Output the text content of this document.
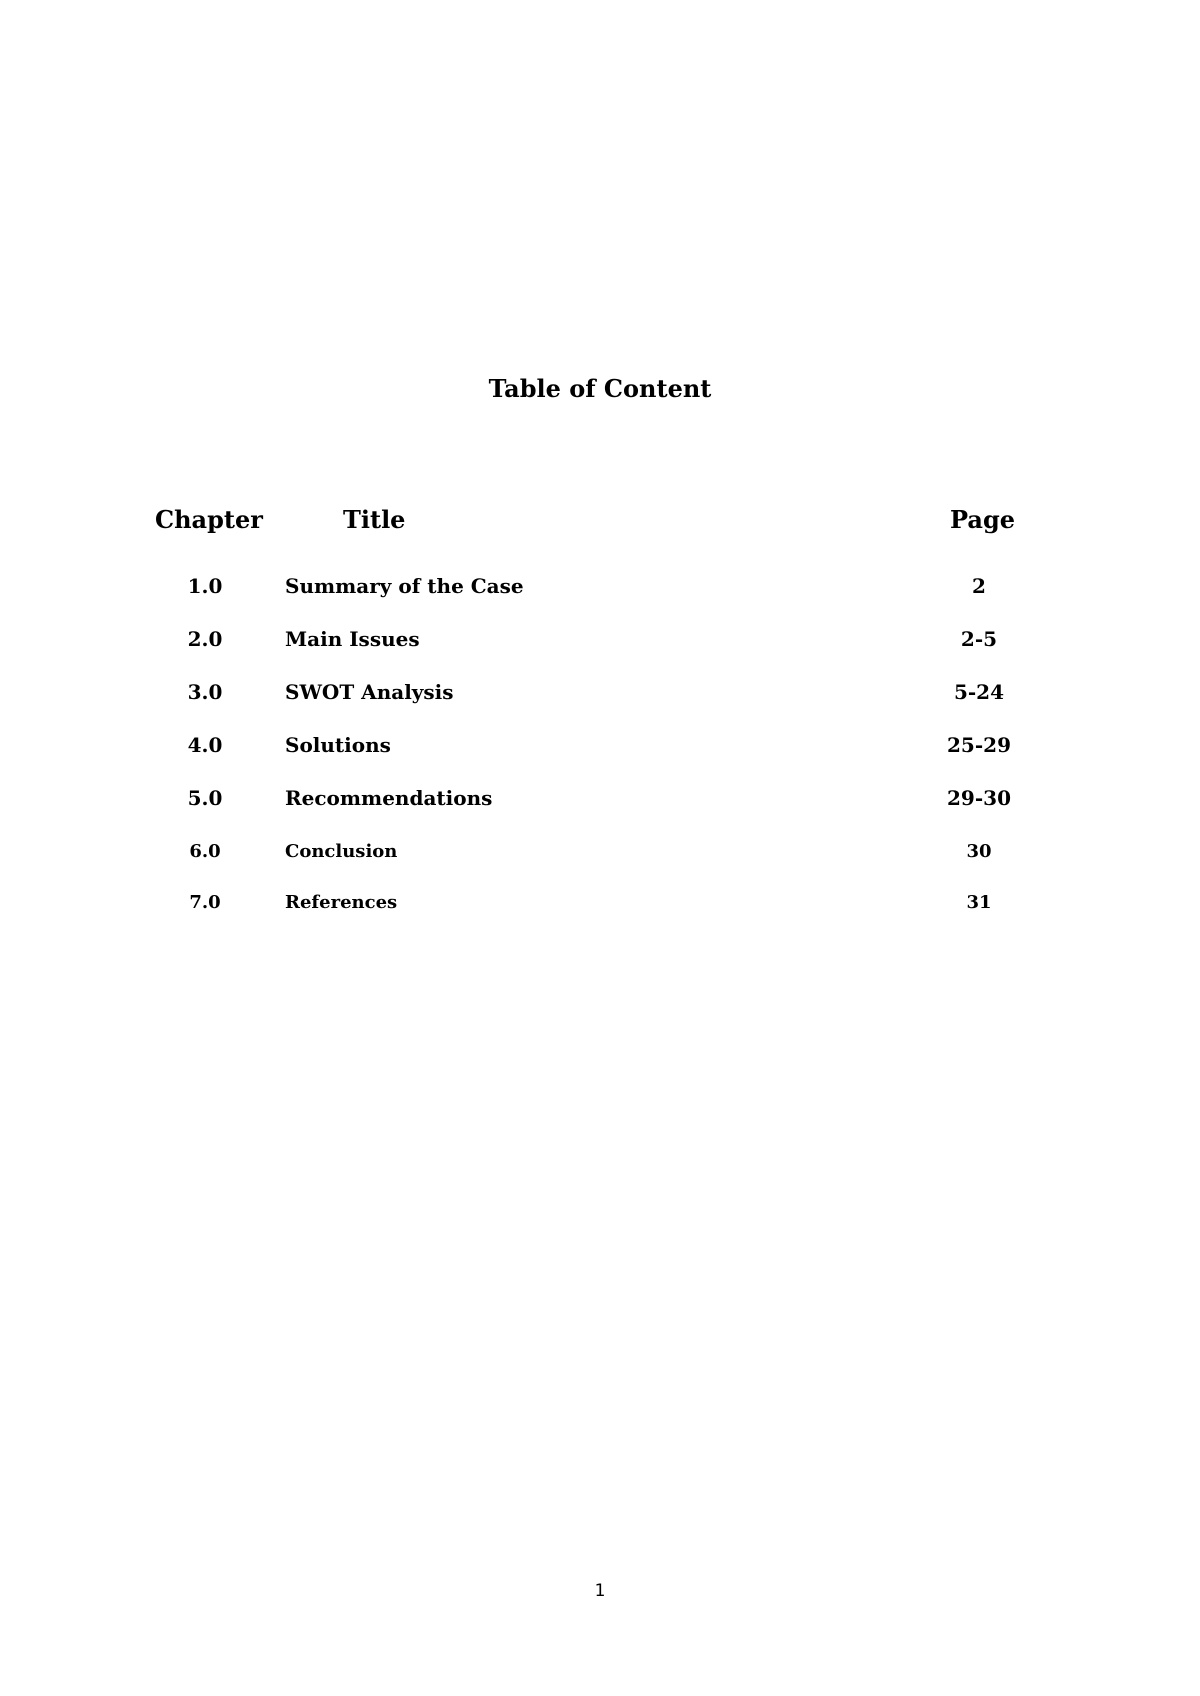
Table of Content
Chapter	Title	Page
1.0	Summary of the Case	2
2.0	Main Issues	2-5
3.0	SWOT Analysis	5-24
4.0	Solutions	25-29
5.0	Recommendations	29-30
6.0	Conclusion	30
7.0	References	31
1
